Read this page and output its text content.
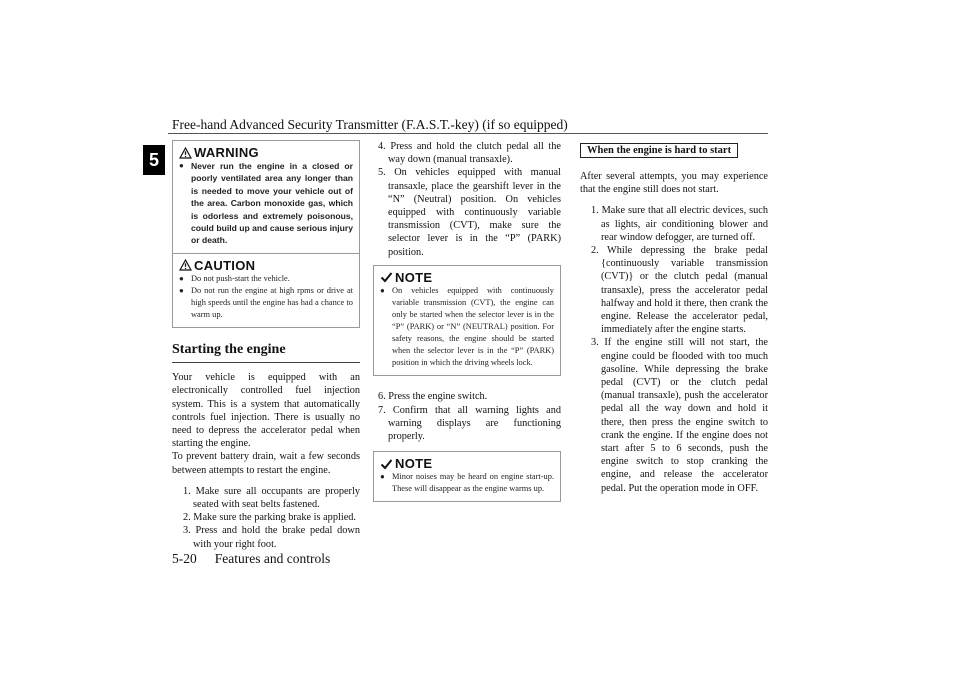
Free-hand Advanced Security Transmitter (F.A.S.T.-key) (if so equipped)
5	WARNING
● Never run the engine in a closed or poorly ventilated area any longer than is needed to move your vehicle out of the area. Carbon monoxide gas, which is odorless and extremely poisonous, could build up and cause serious injury or death.
CAUTION
● Do not push-start the vehicle.
● Do not run the engine at high rpms or drive at high speeds until the engine has had a chance to warm up.
Starting the engine

Your vehicle is equipped with an electronically controlled fuel injection system. This is a system that automatically controls fuel injection. There is usually no need to depress the accelerator pedal when starting the engine.

To prevent battery drain, wait a few seconds between attempts to restart the engine.

1. Make sure all occupants are properly seated with seat belts fastened.
2. Make sure the parking brake is applied.
3. Press and hold the brake pedal down with your right foot.
4. Press and hold the clutch pedal all the way down (manual transaxle).
5. On vehicles equipped with manual transaxle, place the gearshift lever in the “N” (Neutral) position. On vehicles equipped with continuously variable transmission (CVT), make sure the selector lever is in the “P” (PARK) position.
NOTE
● On vehicles equipped with continuously variable transmission (CVT), the engine can only be started when the selector lever is in the “P” (PARK) or “N” (NEUTRAL) position. For safety reasons, the engine should be started when the selector lever is in the “P” (PARK) position in which the driving wheels lock.
6. Press the engine switch.
7. Confirm that all warning lights and warning displays are functioning properly.
NOTE
● Minor noises may be heard on engine start-up. These will disappear as the engine warms up.
When the engine is hard to start

After several attempts, you may experience that the engine still does not start.

1. Make sure that all electric devices, such as lights, air conditioning blower and rear window defogger, are turned off.
2. While depressing the brake pedal {continuously variable transmission (CVT)} or the clutch pedal (manual transaxle), press the accelerator pedal halfway and hold it there, then crank the engine. Release the accelerator pedal, immediately after the engine starts.
3. If the engine still will not start, the engine could be flooded with too much gasoline. While depressing the brake pedal (CVT) or the clutch pedal (manual transaxle), push the accelerator pedal all the way down and hold it there, then press the engine switch to crank the engine. If the engine does not start after 5 to 6 seconds, push the engine switch to stop cranking the engine, and release the accelerator pedal. Put the operation mode in OFF.
5-20 Features and controls
